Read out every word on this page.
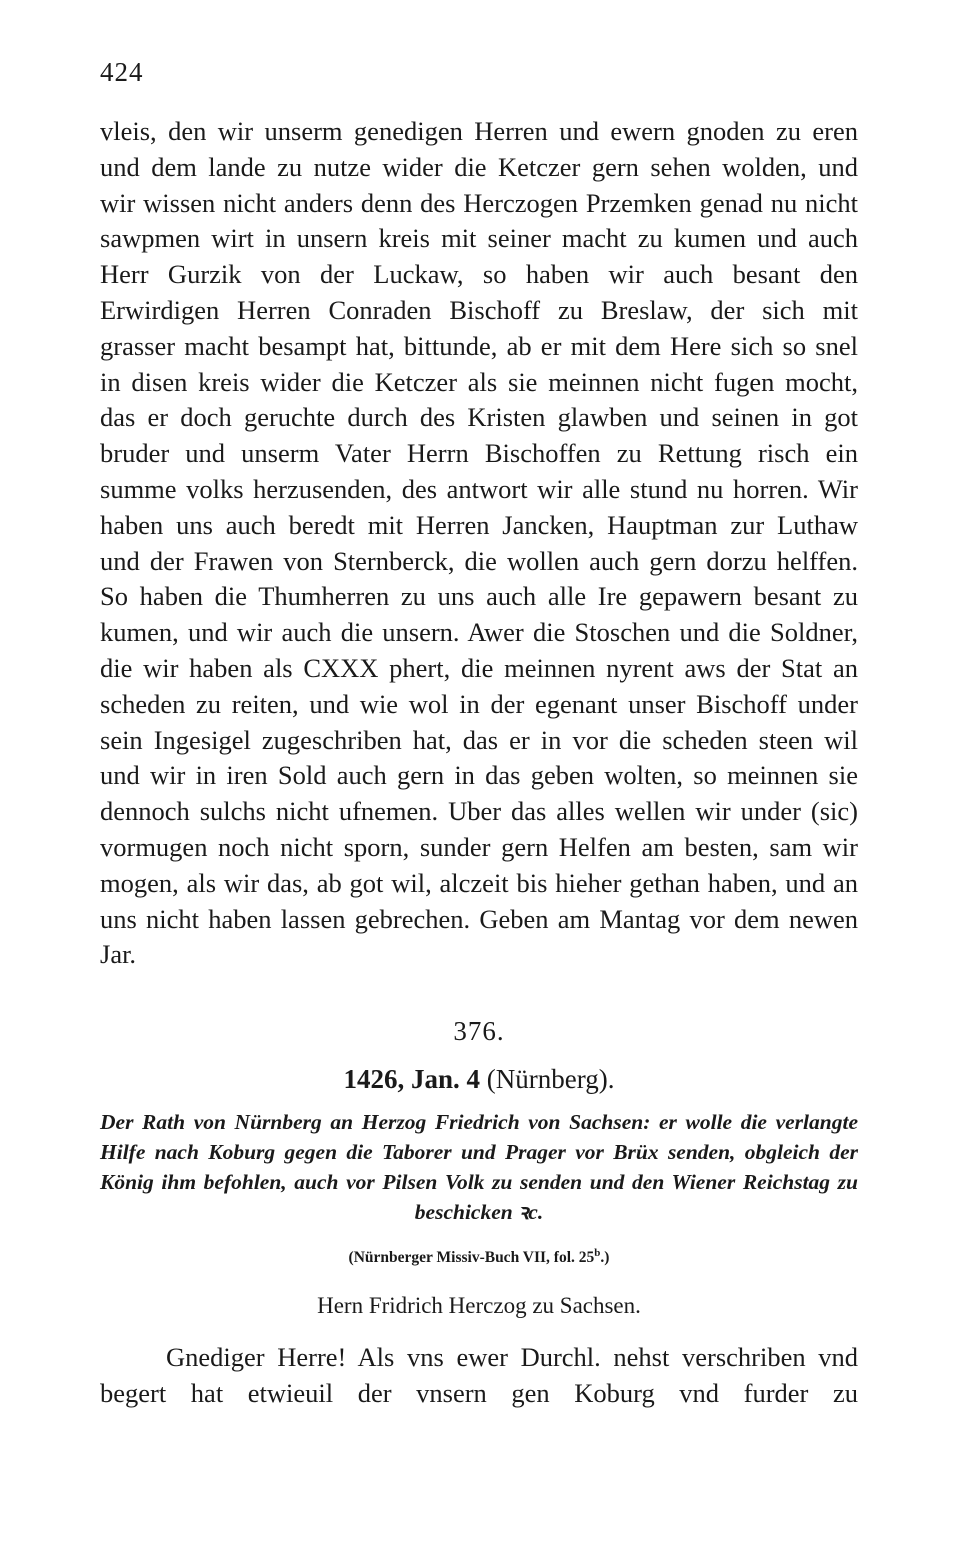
424

vleis, den wir unserm genedigen Herren und ewern gnoden zu eren und dem lande zu nutze wider die Ketczer gern sehen wolden, und wir wissen nicht anders denn des Herczogen Przemken genad nu nicht sawpmen wirt in unsern kreis mit seiner macht zu kumen und auch Herr Gurzik von der Luckaw, so haben wir auch besant den Erwirdigen Herren Conraden Bischoff zu Breslaw, der sich mit grasser macht besampt hat, bittunde, ab er mit dem Here sich so snel in disen kreis wider die Ketczer als sie meinnen nicht fugen mocht, das er doch geruchte durch des Kristen glawben und seinen in got bruder und unserm Vater Herrn Bischoffen zu Rettung risch ein summe volks herzusenden, des antwort wir alle stund nu horren. Wir haben uns auch beredt mit Herren Jancken, Hauptman zur Luthaw und der Frawen von Sternberck, die wollen auch gern dorzu helffen. So haben die Thumherren zu uns auch alle Ire gepawern besant zu kumen, und wir auch die unsern. Awer die Stoschen und die Soldner, die wir haben als CXXX phert, die meinnen nyrent aws der Stat an scheden zu reiten, und wie wol in der egenant unser Bischoff under sein Ingesigel zugeschriben hat, das er in vor die scheden steen wil und wir in iren Sold auch gern in das geben wolten, so meinnen sie dennoch sulchs nicht ufnemen. Uber das alles wellen wir under (sic) vormugen noch nicht sporn, sunder gern Helfen am besten, sam wir mogen, als wir das, ab got wil, alczeit bis hieher gethan haben, und an uns nicht haben lassen gebrechen. Geben am Mantag vor dem newen Jar.

376.
1426, Jan. 4 (Nürnberg).

Der Rath von Nürnberg an Herzog Friedrich von Sachsen: er wolle die verlangte Hilfe nach Koburg gegen die Taborer und Prager vor Brüx senden, obgleich der König ihm befohlen, auch vor Pilsen Volk zu senden und den Wiener Reichstag zu beschicken ꝛc.

(Nürnberger Missiv-Buch VII, fol. 25$^b$.)
Hern Fridrich Herczog zu Sachsen.

Gnediger Herre! Als vns ewer Durchl. nehst verschriben vnd begert hat etwieuil der vnsern gen Koburg vnd furder zu
